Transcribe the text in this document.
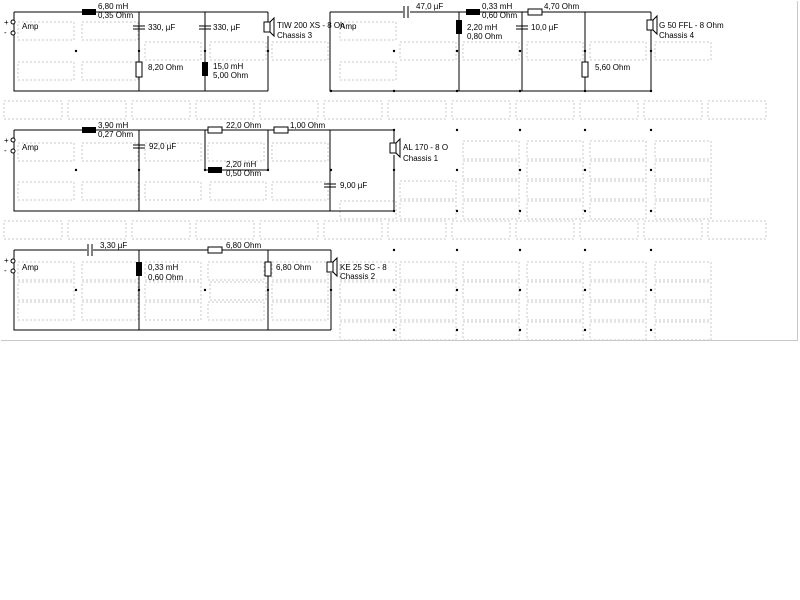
+
-
Amp
6,80 mH
0,35 Ohm
330, µF
8,20 Ohm
330, µF
15,0 mH
5,00 Ohm
TIW 200 XS - 8 Oh
Chassis 3
Amp
47,0 µF	0,33 mH
0,60 Ohm
2,20 mH
0,80 Ohm
4,70 Ohm
10,0 µF
5,60 Ohm
G 50 FFL - 8 Ohm
Chassis 4
+
- Amp
3,90 mH
0,27 Ohm
92,0 µF
22,0 Ohm
2,20 mH
0,50 Ohm
1,00 Ohm
9,00 µF
AL 170 - 8 O
Chassis 1
+
- Amp
3,30 µF
0,33 mH
0,60 Ohm
6,80 Ohm
6,80 Ohm	KE 25 SC - 8
Chassis 2
